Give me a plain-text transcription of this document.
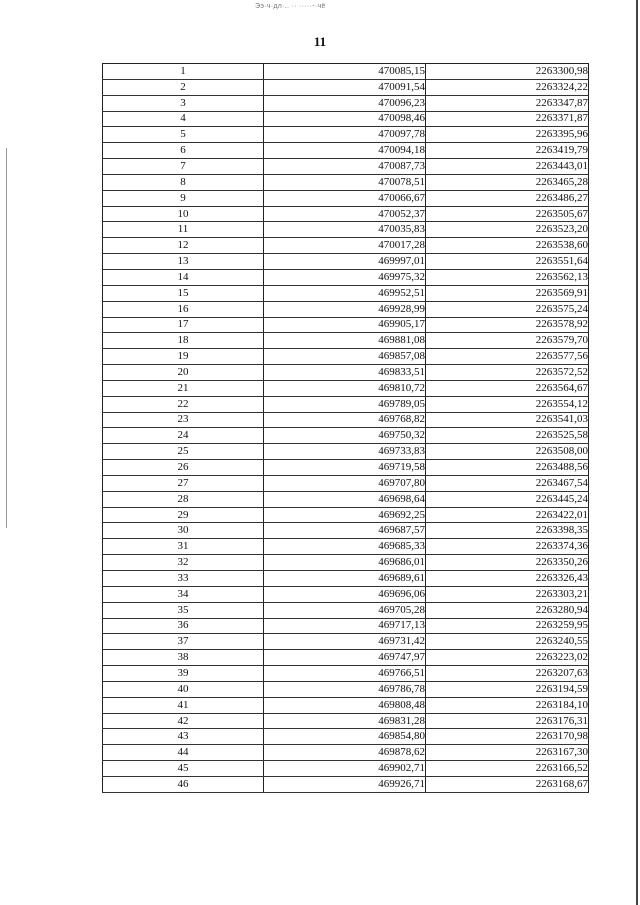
Ээ·ч·дл·.. ·· ·····-·чё
11
1	470085,15	2263300,98
2	470091,54	2263324,22
3	470096,23	2263347,87
4	470098,46	2263371,87
5	470097,78	2263395,96
6	470094,18	2263419,79
7	470087,73	2263443,01
8	470078,51	2263465,28
9	470066,67	2263486,27
10	470052,37	2263505,67
11	470035,83	2263523,20
12	470017,28	2263538,60
13	469997,01	2263551,64
14	469975,32	2263562,13
15	469952,51	2263569,91
16	469928,99	2263575,24
17	469905,17	2263578,92
18	469881,08	2263579,70
19	469857,08	2263577,56
20	469833,51	2263572,52
21	469810,72	2263564,67
22	469789,05	2263554,12
23	469768,82	2263541,03
24	469750,32	2263525,58
25	469733,83	2263508,00
26	469719,58	2263488,56
27	469707,80	2263467,54
28	469698,64	2263445,24
29	469692,25	2263422,01
30	469687,57	2263398,35
31	469685,33	2263374,36
32	469686,01	2263350,26
33	469689,61	2263326,43
34	469696,06	2263303,21
35	469705,28	2263280,94
36	469717,13	2263259,95
37	469731,42	2263240,55
38	469747,97	2263223,02
39	469766,51	2263207,63
40	469786,78	2263194,59
41	469808,48	2263184,10
42	469831,28	2263176,31
43	469854,80	2263170,98
44	469878,62	2263167,30
45	469902,71	2263166,52
46	469926,71	2263168,67
